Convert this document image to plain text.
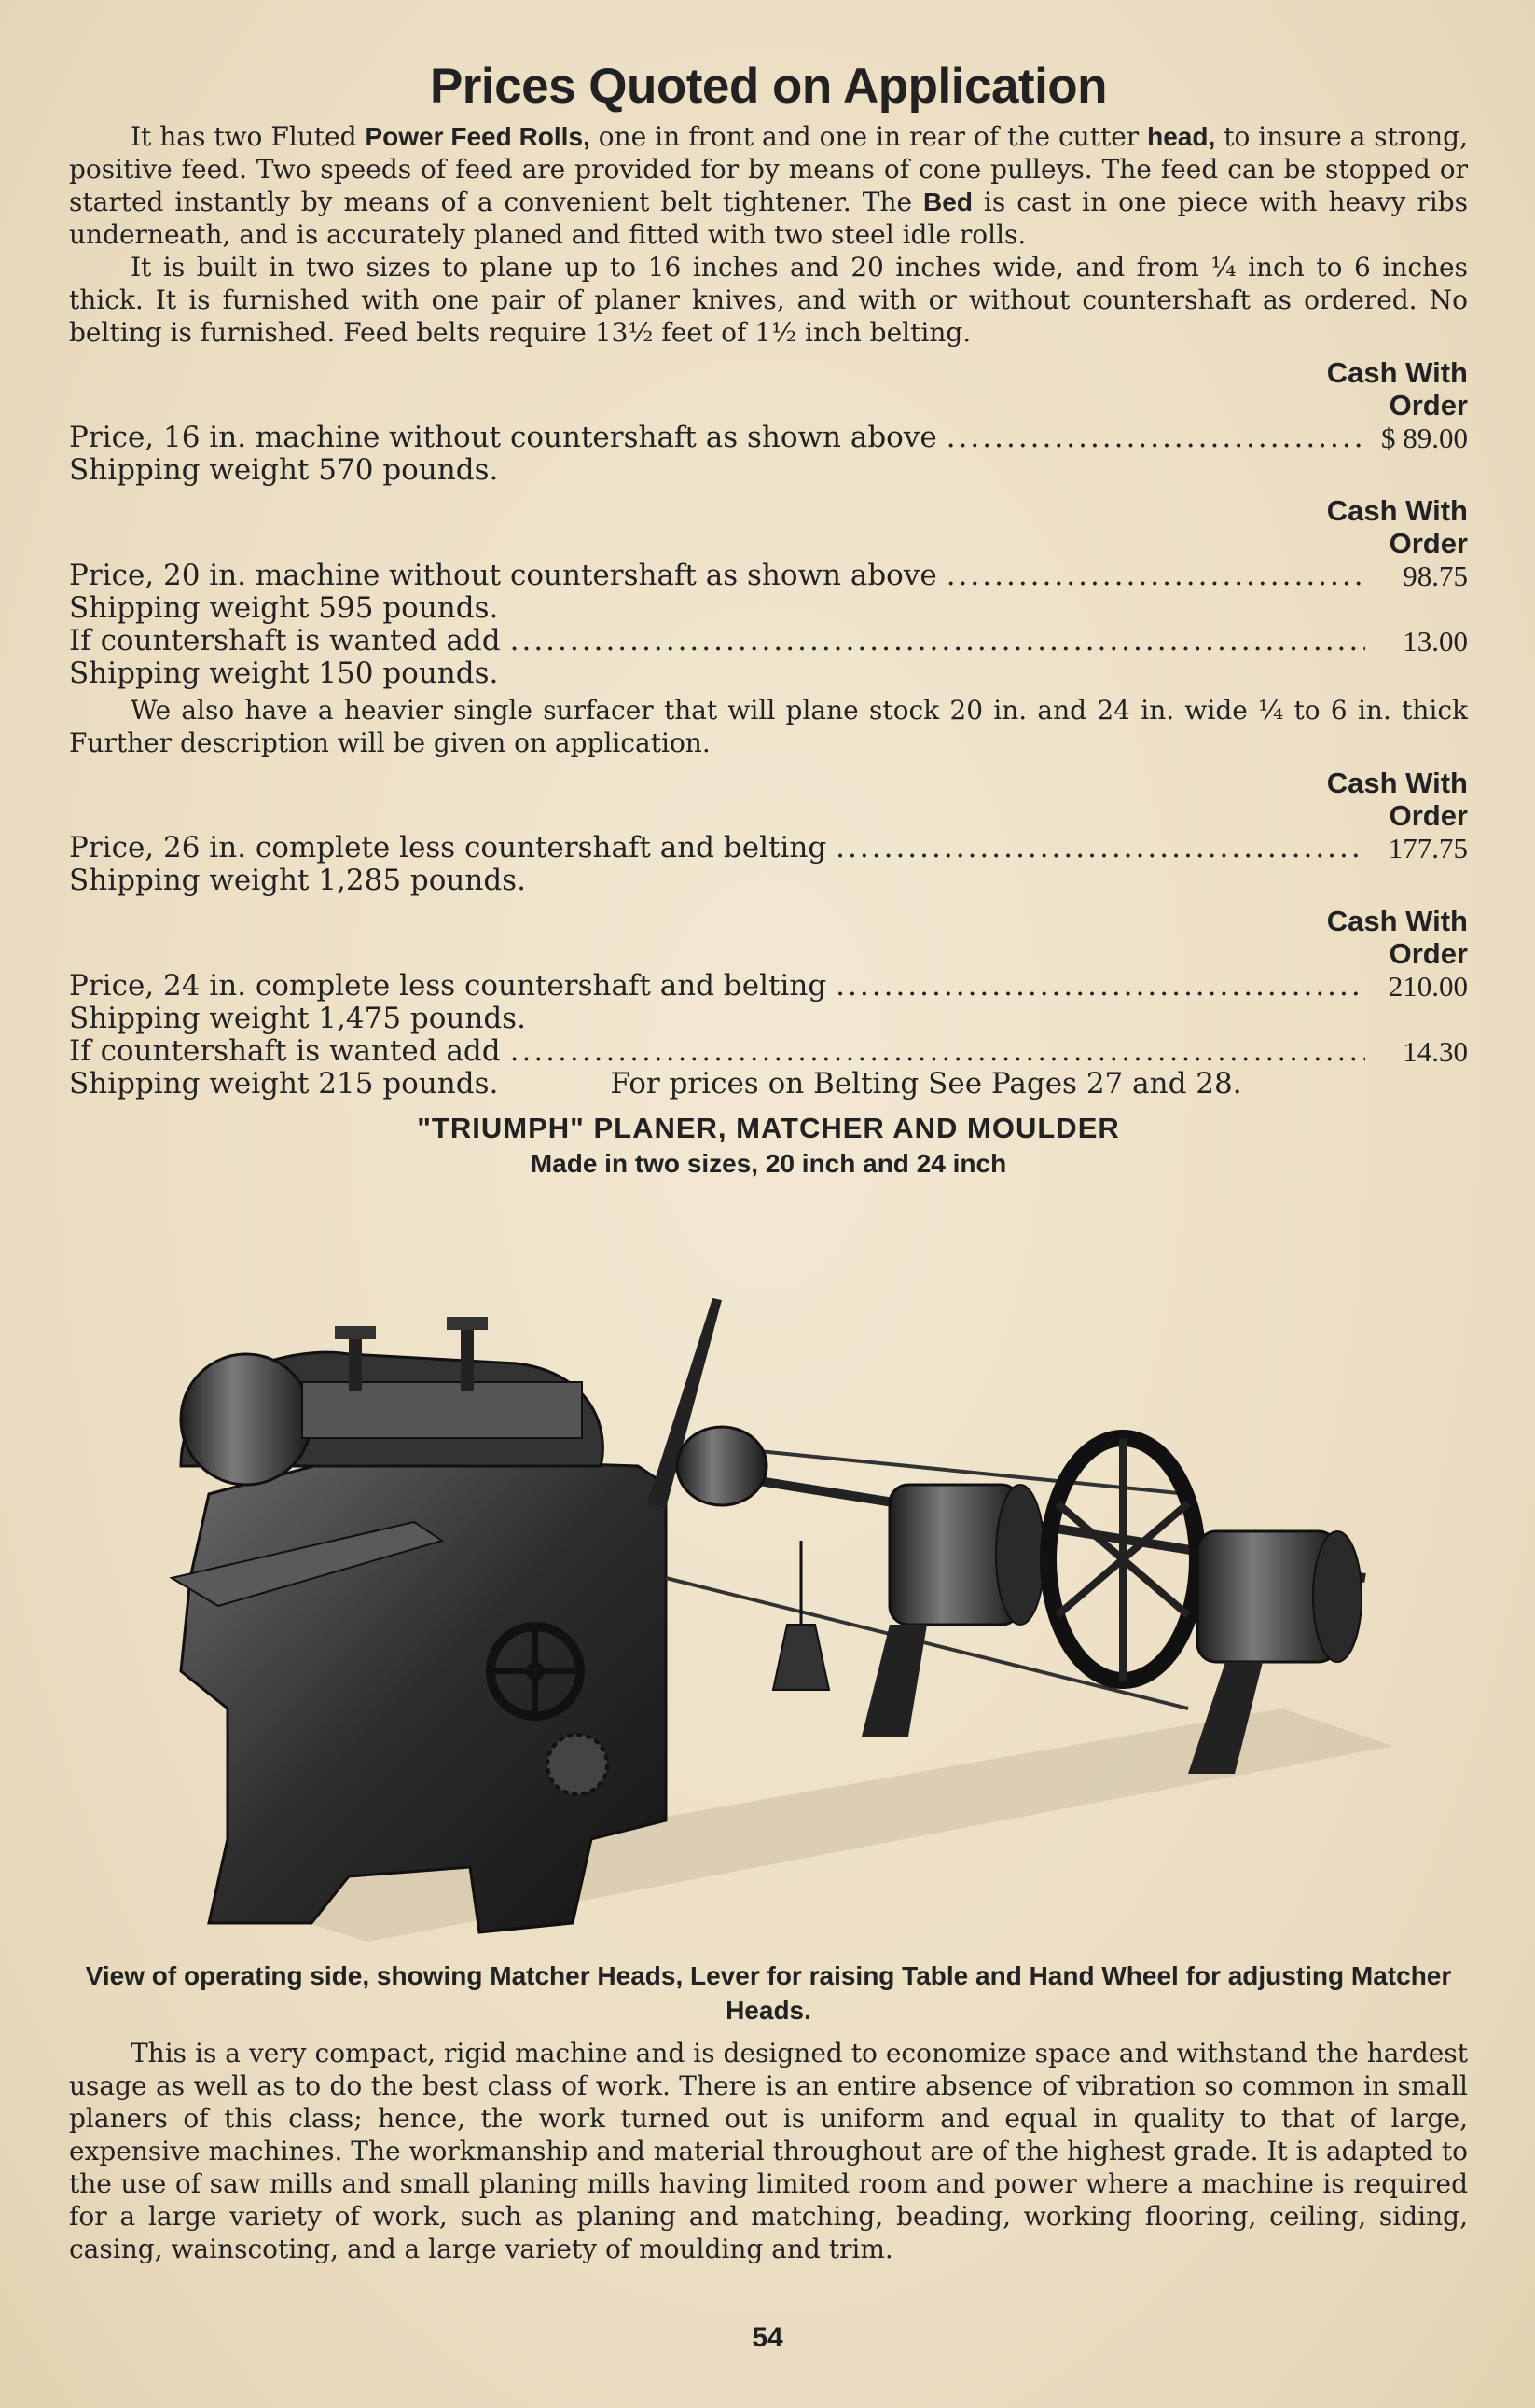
Prices Quoted on Application

It has two Fluted Power Feed Rolls, one in front and one in rear of the cutter head, to insure a strong, positive feed. Two speeds of feed are provided for by means of cone pulleys. The feed can be stopped or started instantly by means of a convenient belt tightener. The Bed is cast in one piece with heavy ribs underneath, and is accurately planed and fitted with two steel idle rolls.

It is built in two sizes to plane up to 16 inches and 20 inches wide, and from ¼ inch to 6 inches thick. It is furnished with one pair of planer knives, and with or without countershaft as ordered. No belting is furnished. Feed belts require 13½ feet of 1½ inch belting.

Cash With
Order
Price, 16 in. machine without countershaft as shown above .....	$ 89.00
Shipping weight 570 pounds.
Cash With
Order
Price, 20 in. machine without countershaft as shown above .....	98.75
Shipping weight 595 pounds.
If countershaft is wanted add .....	13.00
Shipping weight 150 pounds.

We also have a heavier single surfacer that will plane stock 20 in. and 24 in. wide ¼ to 6 in. thick Further description will be given on application.

Cash With
Order
Price, 26 in. complete less countershaft and belting .....	177.75
Shipping weight 1,285 pounds.
Cash With
Order
Price, 24 in. complete less countershaft and belting .....	210.00
Shipping weight 1,475 pounds.
If countershaft is wanted add .....	14.30
Shipping weight 215 pounds.	For prices on Belting See Pages 27 and 28.
"TRIUMPH" PLANER, MATCHER AND MOULDER
Made in two sizes, 20 inch and 24 inch
View of operating side, showing Matcher Heads, Lever for raising Table and Hand Wheel for adjusting Matcher Heads.

This is a very compact, rigid machine and is designed to economize space and withstand the hardest usage as well as to do the best class of work. There is an entire absence of vibration so common in small planers of this class; hence, the work turned out is uniform and equal in quality to that of large, expensive machines. The workmanship and material throughout are of the highest grade. It is adapted to the use of saw mills and small planing mills having limited room and power where a machine is required for a large variety of work, such as planing and matching, beading, working flooring, ceiling, siding, casing, wainscoting, and a large variety of moulding and trim.

54
